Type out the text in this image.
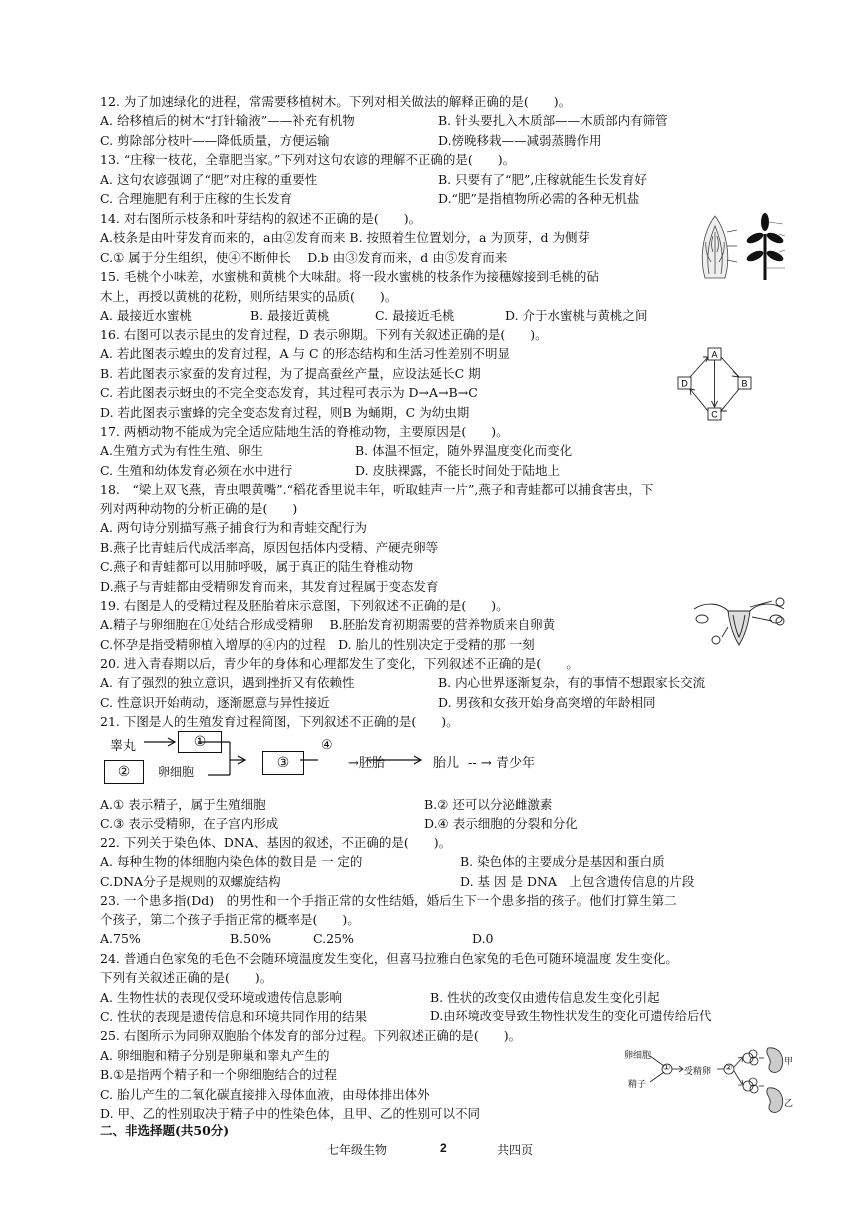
12. 为了加速绿化的进程，常需要移植树木。下列对相关做法的解释正确的是(　　)。
A. 给移植后的树木“打针输液”——补充有机物	B. 针头要扎入木质部——木质部内有筛管
C. 剪除部分枝叶——降低质量，方便运输	D.傍晚移栽——减弱蒸腾作用
13. “庄稼一枝花，全靠肥当家。”下列对这句农谚的理解不正确的是(　　)。
A. 这句农谚强调了“肥”对庄稼的重要性	B. 只要有了“肥”,庄稼就能生长发育好
C. 合理施肥有利于庄稼的生长发育	D.“肥”是指植物所必需的各种无机盐
14. 对右图所示枝条和叶芽结构的叙述不正确的是(　　)。
A.枝条是由叶芽发育而来的，a由②发育而来 B. 按照着生位置划分，a 为顶芽，d 为侧芽
C.① 属于分生组织，使④不断伸长　 D.b 由③发育而来，d 由⑤发育而来
15. 毛桃个小味差，水蜜桃和黄桃个大味甜。将一段水蜜桃的枝条作为接穗嫁接到毛桃的砧
木上，再授以黄桃的花粉，则所结果实的品质(　　)。
A. 最接近水蜜桃	B. 最接近黄桃	C. 最接近毛桃	D. 介于水蜜桃与黄桃之间
16. 右图可以表示昆虫的发育过程，D 表示卵期。下列有关叙述正确的是(　　)。
A. 若此图表示蝗虫的发育过程，A 与 C 的形态结构和生活习性差别不明显
B. 若此图表示家蚕的发育过程，为了提高蚕丝产量，应设法延长C 期
C. 若此图表示蚜虫的不完全变态发育，其过程可表示为 D→A→B→C
D. 若此图表示蜜蜂的完全变态发育过程，则B 为蛹期，C 为幼虫期
A
B
C
D
17. 两栖动物不能成为完全适应陆地生活的脊椎动物，主要原因是(　　)。
A.生殖方式为有性生殖、卵生	B. 体温不恒定，随外界温度变化而变化
C. 生殖和幼体发育必须在水中进行	D. 皮肤裸露，不能长时间处于陆地上
18.　“梁上双飞燕，青虫喂黄嘴”.“稻花香里说丰年，听取蛙声一片”,燕子和青蛙都可以捕食害虫，下
列对两种动物的分析正确的是(　　)
A. 两句诗分别描写燕子捕食行为和青蛙交配行为
B.燕子比青蛙后代成活率高，原因包括体内受精、产硬壳卵等
C.燕子和青蛙都可以用肺呼吸，属于真正的陆生脊椎动物
D.燕子与青蛙都由受精卵发育而来，其发育过程属于变态发育
19. 右图是人的受精过程及胚胎着床示意图，下列叙述不正确的是(　　)。
A.精子与卵细胞在①处结合形成受精卵　 B.胚胎发育初期需要的营养物质来自卵黄
C.怀孕是指受精卵植入增厚的④内的过程　D. 胎儿的性别决定于受精的那 一刻
20. 进入青春期以后，青少年的身体和心理都发生了变化，下列叙述不正确的是(　　。
A. 有了强烈的独立意识，遇到挫折又有依赖性	B. 内心世界逐渐复杂，有的事情不想跟家长交流
C. 性意识开始萌动，逐渐愿意与异性接近	D. 男孩和女孩开始身高突增的年龄相同
21. 下图是人的生殖发育过程简图，下列叙述不正确的是(　　)。
睾丸	①
②	卵细胞
③
④
→胚胎	胎儿 -- → 青少年
A.① 表示精子，属于生殖细胞	B.② 还可以分泌雌激素
C.③ 表示受精卵，在子宫内形成	D.④ 表示细胞的分裂和分化
22. 下列关于染色体、DNA、基因的叙述，不正确的是(　　)。
A. 每种生物的体细胞内染色体的数目是 一 定的	B. 染色体的主要成分是基因和蛋白质
C.DNA分子是规则的双螺旋结构	D. 基 因 是 DNA　上包含遗传信息的片段
23. 一个患多指(Dd)　的男性和一个手指正常的女性结婚，婚后生下一个患多指的孩子。他们打算生第二
个孩子，第二个孩子手指正常的概率是(　　)。
A.75%	B.50%	C.25%	D.0
24. 普通白色家兔的毛色不会随环境温度发生变化，但喜马拉雅白色家兔的毛色可随环境温度 发生变化。
下列有关叙述正确的是(　　)。
A. 生物性状的表现仅受环境或遗传信息影响	B. 性状的改变仅由遗传信息发生变化引起
C. 性状的表现是遗传信息和环境共同作用的结果	D.由环境改变导致生物性状发生的变化可遗传给后代
25. 右图所示为同卵双胞胎个体发育的部分过程。下列叙述正确的是(　　)。
A. 卵细胞和精子分别是卵巢和睾丸产生的
B.①是指两个精子和一个卵细胞结合的过程
C. 胎儿产生的二氧化碳直接排入母体血液，由母体排出体外
D. 甲、乙的性别取决于精子中的性染色体，且甲、乙的性别可以不同
卵细胞
精子
① 受精卵 ②
甲
乙
二、非选择题(共50分)
七年级生物	2	共四页
